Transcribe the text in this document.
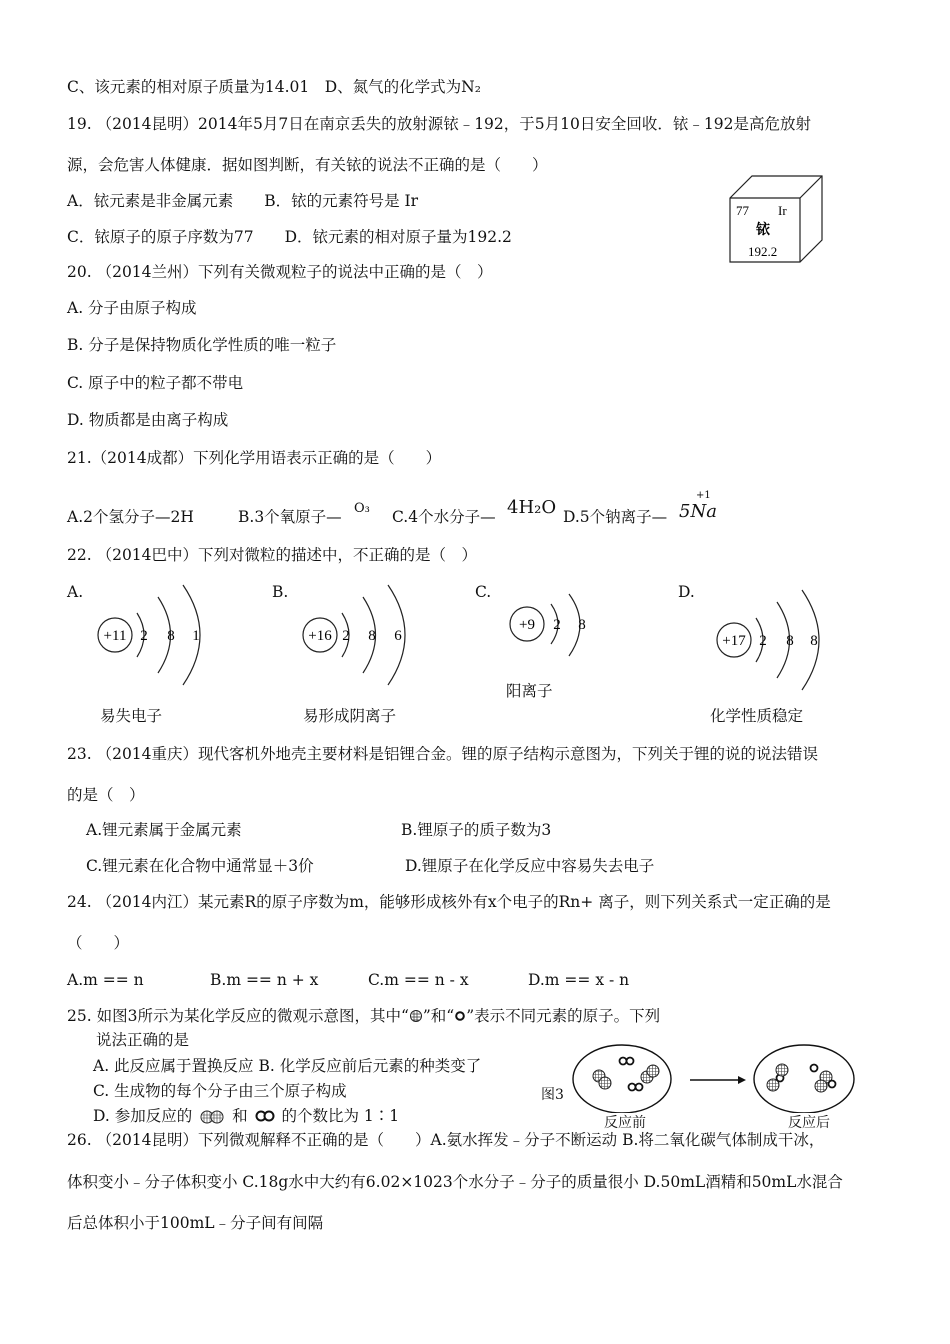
C、该元素的相对原子质量为14.01　D、氮气的化学式为N₂
19. （2014昆明）2014年5月7日在南京丢失的放射源铱﹣192，于5月10日安全回收．铱﹣192是高危放射
源，会危害人体健康．据如图判断，有关铱的说法不正确的是（　　）
A．铱元素是非金属元素　　B．铱的元素符号是 Ir
C．铱原子的原子序数为77　　D．铱元素的相对原子量为192.2
77 Ir
铱
192.2
20. （2014兰州）下列有关微观粒子的说法中正确的是（　）
A. 分子由原子构成
B. 分子是保持物质化学性质的唯一粒子
C. 原子中的粒子都不带电
D. 物质都是由离子构成
21.（2014成都）下列化学用语表示正确的是（　　）
A.2个氢分子—2H	B.3个氧原子— O₃ C.4个水分子— 4H₂O D.5个钠离子—
+1
5Na
22. （2014巴中）下列对微粒的描述中，不正确的是（　）
A.
+11 2 8 1
易失电子
B.
+16 2 8 6
易形成阴离子
C.
+9 2 8
阳离子
D.
+17 2 8 8
化学性质稳定
23. （2014重庆）现代客机外地壳主要材料是铝锂合金。锂的原子结构示意图为，下列关于锂的说的说法错误
的是（　）
A.锂元素属于金属元素	B.锂原子的质子数为3
C.锂元素在化合物中通常显＋3价	D.锂原子在化学反应中容易失去电子
24. （2014内江）某元素R的原子序数为m，能够形成核外有x个电子的Rn+ 离子，则下列关系式一定正确的是
（　　）
A.m == n	B.m == n + x	C.m == n - x	D.m == x - n
25. 如图3所示为某化学反应的微观示意图，其中“ ”和“ ”表示不同元素的原子。下列
说法正确的是
A. 此反应属于置换反应 B. 化学反应前后元素的种类变了
C. 生成物的每个分子由三个原子构成
D. 参加反应的	和 的个数比为 1∶1
图3
反应前	反应后
26. （2014昆明）下列微观解释不正确的是（　　）A.氨水挥发﹣分子不断运动 B.将二氧化碳气体制成干冰，
体积变小﹣分子体积变小 C.18g水中大约有6.02×1023个水分子﹣分子的质量很小 D.50mL酒精和50mL水混合
后总体积小于100mL﹣分子间有间隔
